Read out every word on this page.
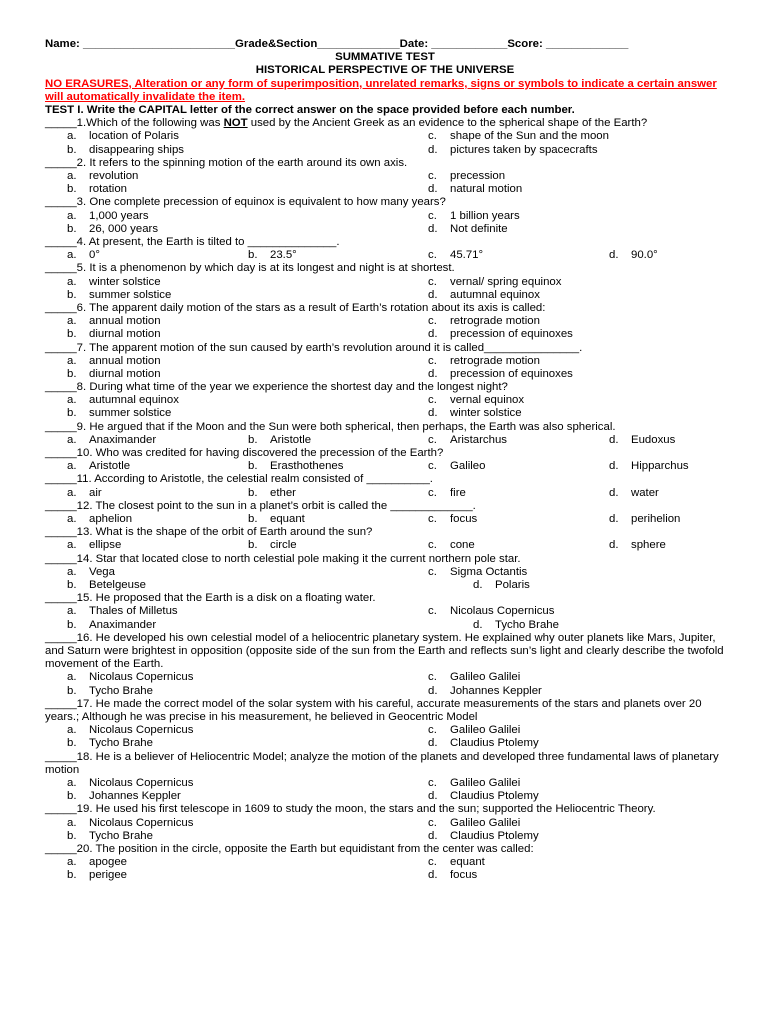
Name: ________________________Grade&Section_____________Date: ____________Score: _____________
SUMMATIVE TEST
HISTORICAL PERSPECTIVE OF THE UNIVERSE
NO ERASURES, Alteration or any form of superimposition, unrelated remarks, signs or symbols to indicate a certain answer will automatically invalidate the item.
TEST I. Write the CAPITAL letter of the correct answer on the space provided before each number.
_____1.Which of the following was NOT used by the Ancient Greek as an evidence to the spherical shape of the Earth?
a. location of Polaris	c. shape of the Sun and the moon
b. disappearing ships	d. pictures taken by spacecrafts
_____2. It refers to the spinning motion of the earth around its own axis.
a. revolution	c. precession
b. rotation	d. natural motion
_____3. One complete precession of equinox is equivalent to how many years?
a. 1,000 years	c. 1 billion years
b. 26, 000 years	d. Not definite
_____4. At present, the Earth is tilted to ______________.
a. 0°	b. 23.5°	c. 45.71°	d. 90.0°
_____5. It is a phenomenon by which day is at its longest and night is at shortest.
a. winter solstice	c. vernal/ spring equinox
b. summer solstice	d. autumnal equinox
_____6. The apparent daily motion of the stars as a result of Earth’s rotation about its axis is called:
a. annual motion	c. retrograde motion
b. diurnal motion	d. precession of equinoxes
_____7. The apparent motion of the sun caused by earth’s revolution around it is called_______________.
a. annual motion	c. retrograde motion
b. diurnal motion	d. precession of equinoxes
_____8. During what time of the year we experience the shortest day and the longest night?
a. autumnal equinox	c. vernal equinox
b. summer solstice	d. winter solstice
_____9. He argued that if the Moon and the Sun were both spherical, then perhaps, the Earth was also spherical.
a. Anaximander	b. Aristotle	c. Aristarchus	d. Eudoxus
_____10. Who was credited for having discovered the precession of the Earth?
a. Aristotle	b. Erasthothenes	c. Galileo	d. Hipparchus
_____11. According to Aristotle, the celestial realm consisted of __________.
a. air	b. ether	c. fire	d. water
_____12. The closest point to the sun in a planet’s orbit is called the _____________.
a. aphelion	b. equant	c. focus	d. perihelion
_____13. What is the shape of the orbit of Earth around the sun?
a. ellipse	b. circle	c. cone	d. sphere
_____14. Star that located close to north celestial pole making it the current northern pole star.
a. Vega	c. Sigma Octantis
b. Betelgeuse	d. Polaris
_____15. He proposed that the Earth is a disk on a floating water.
a. Thales of Milletus	c. Nicolaus Copernicus
b. Anaximander	d. Tycho Brahe
_____16. He developed his own celestial model of a heliocentric planetary system. He explained why outer planets like Mars, Jupiter, and Saturn were brightest in opposition (opposite side of the sun from the Earth and reflects sun’s light and clearly describe the twofold movement of the Earth.
a. Nicolaus Copernicus	c. Galileo Galilei
b. Tycho Brahe	d. Johannes Keppler
_____17. He made the correct model of the solar system with his careful, accurate measurements of the stars and planets over 20 years.; Although he was precise in his measurement, he believed in Geocentric Model
a. Nicolaus Copernicus	c. Galileo Galilei
b. Tycho Brahe	d. Claudius Ptolemy
_____18. He is a believer of Heliocentric Model; analyze the motion of the planets and developed three fundamental laws of planetary motion
a. Nicolaus Copernicus	c. Galileo Galilei
b. Johannes Keppler	d. Claudius Ptolemy
_____19. He used his first telescope in 1609 to study the moon, the stars and the sun; supported the Heliocentric Theory.
a. Nicolaus Copernicus	c. Galileo Galilei
b. Tycho Brahe	d. Claudius Ptolemy
_____20. The position in the circle, opposite the Earth but equidistant from the center was called:
a. apogee	c. equant
b. perigee	d. focus
